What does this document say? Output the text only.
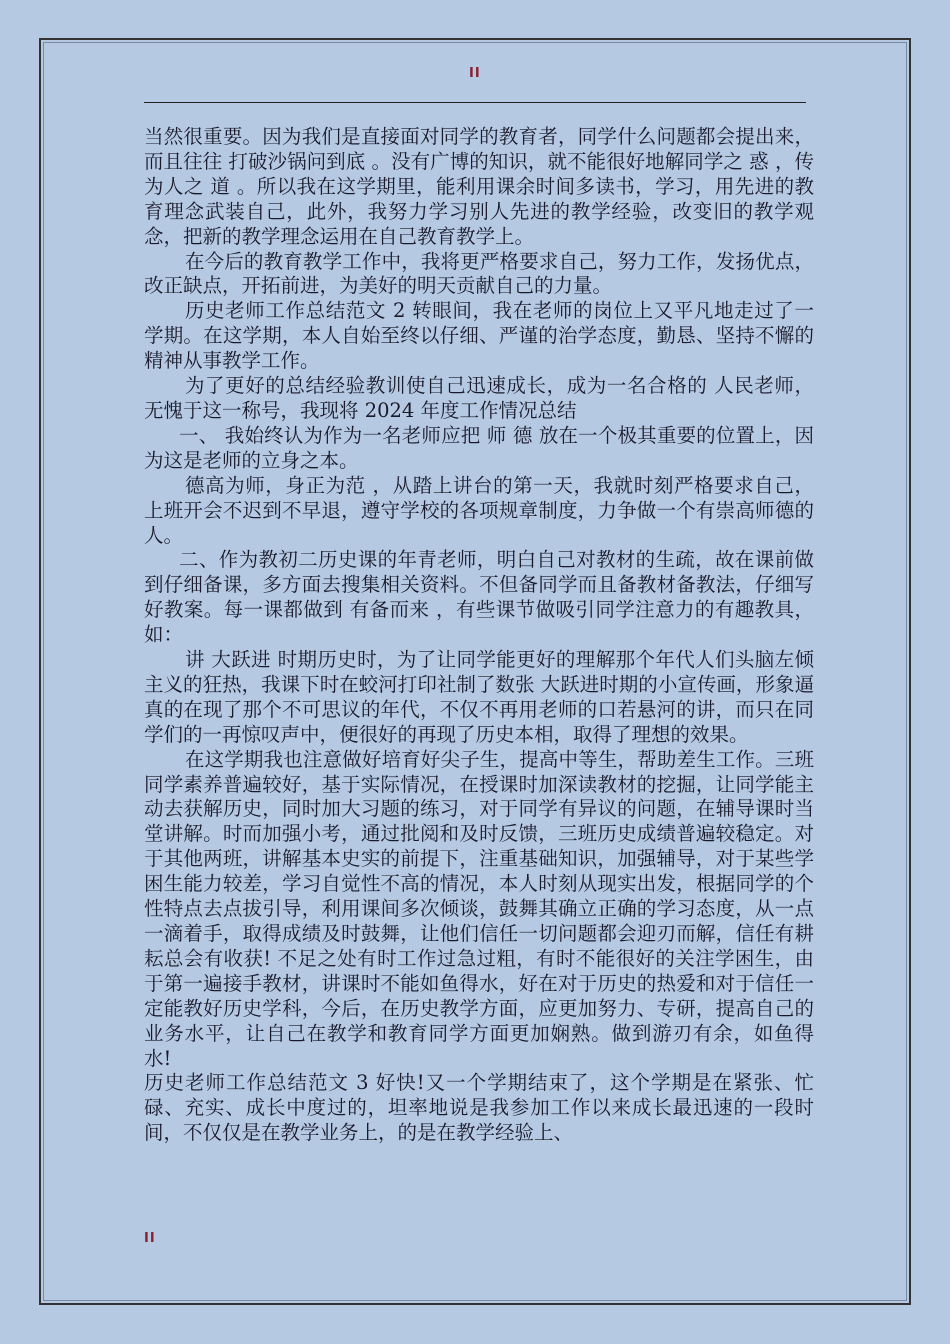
II

当然很重要。因为我们是直接面对同学的教育者，同学什么问题都会提出来，而且往往 打破沙锅问到底 。没有广博的知识，就不能很好地解同学之 惑 ，传为人之 道 。所以我在这学期里，能利用课余时间多读书，学习，用先进的教育理念武装自己，此外，我努力学习别人先进的教学经验，改变旧的教学观念，把新的教学理念运用在自己教育教学上。

在今后的教育教学工作中，我将更严格要求自己，努力工作，发扬优点，改正缺点，开拓前进，为美好的明天贡献自己的力量。

历史老师工作总结范文 2 转眼间，我在老师的岗位上又平凡地走过了一学期。在这学期，本人自始至终以仔细、严谨的治学态度，勤恳、坚持不懈的精神从事教学工作。

为了更好的总结经验教训使自己迅速成长，成为一名合格的 人民老师，无愧于这一称号，我现将 2024 年度工作情况总结

一、 我始终认为作为一名老师应把 师 德 放在一个极其重要的位置上，因为这是老师的立身之本。

德高为师，身正为范 ，从踏上讲台的第一天，我就时刻严格要求自己，上班开会不迟到不早退，遵守学校的各项规章制度，力争做一个有崇高师德的人。

二、作为教初二历史课的年青老师，明白自己对教材的生疏，故在课前做到仔细备课，多方面去搜集相关资料。不但备同学而且备教材备教法，仔细写好教案。每一课都做到 有备而来 ，有些课节做吸引同学注意力的有趣教具，如：

讲 大跃进 时期历史时，为了让同学能更好的理解那个年代人们头脑左倾主义的狂热，我课下时在蛟河打印社制了数张 大跃进时期的小宣传画，形象逼真的在现了那个不可思议的年代，不仅不再用老师的口若悬河的讲，而只在同学们的一再惊叹声中，便很好的再现了历史本相，取得了理想的效果。

在这学期我也注意做好培育好尖子生，提高中等生，帮助差生工作。三班同学素养普遍较好，基于实际情况，在授课时加深读教材的挖掘，让同学能主动去获解历史，同时加大习题的练习，对于同学有异议的问题，在辅导课时当堂讲解。时而加强小考，通过批阅和及时反馈，三班历史成绩普遍较稳定。对于其他两班，讲解基本史实的前提下，注重基础知识，加强辅导，对于某些学困生能力较差，学习自觉性不高的情况，本人时刻从现实出发，根据同学的个性特点去点拔引导，利用课间多次倾谈，鼓舞其确立正确的学习态度，从一点一滴着手，取得成绩及时鼓舞，让他们信任一切问题都会迎刃而解，信任有耕耘总会有收获! 不足之处有时工作过急过粗，有时不能很好的关注学困生，由于第一遍接手教材，讲课时不能如鱼得水，好在对于历史的热爱和对于信任一定能教好历史学科，今后，在历史教学方面，应更加努力、专研，提高自己的业务水平，让自己在教学和教育同学方面更加娴熟。做到游刃有余，如鱼得水!

历史老师工作总结范文 3 好快!又一个学期结束了，这个学期是在紧张、忙碌、充实、成长中度过的，坦率地说是我参加工作以来成长最迅速的一段时间，不仅仅是在教学业务上，的是在教学经验上、

II
